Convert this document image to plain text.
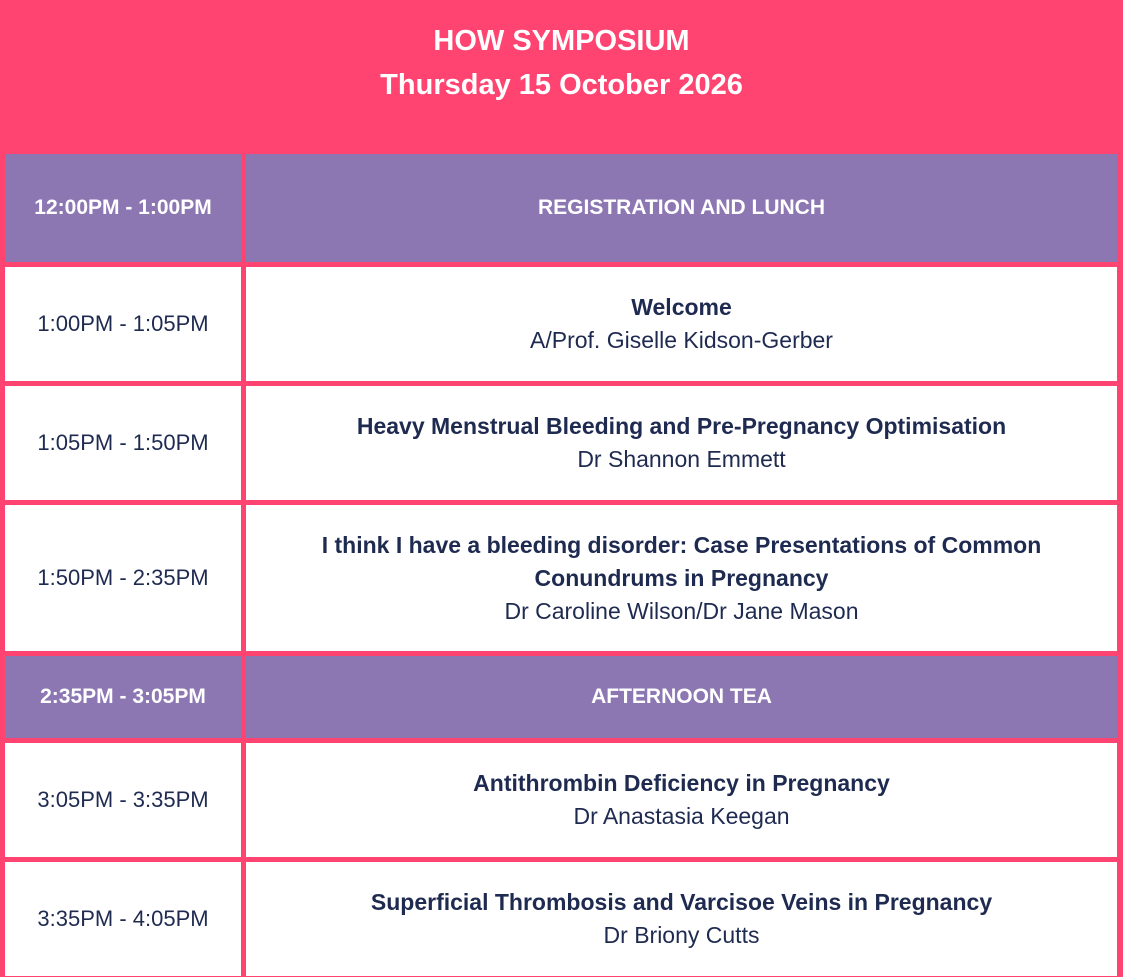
HOW SYMPOSIUM
Thursday 15 October 2026
12:00PM - 1:00PM	REGISTRATION AND LUNCH
1:00PM - 1:05PM
Welcome
A/Prof. Giselle Kidson-Gerber
1:05PM - 1:50PM
Heavy Menstrual Bleeding and Pre-Pregnancy Optimisation
Dr Shannon Emmett
1:50PM - 2:35PM
I think I have a bleeding disorder: Case Presentations of Common Conundrums in Pregnancy
Dr Caroline Wilson/Dr Jane Mason
2:35PM - 3:05PM	AFTERNOON TEA
3:05PM - 3:35PM
Antithrombin Deficiency in Pregnancy
Dr Anastasia Keegan
3:35PM - 4:05PM
Superficial Thrombosis and Varcisoe Veins in Pregnancy
Dr Briony Cutts
